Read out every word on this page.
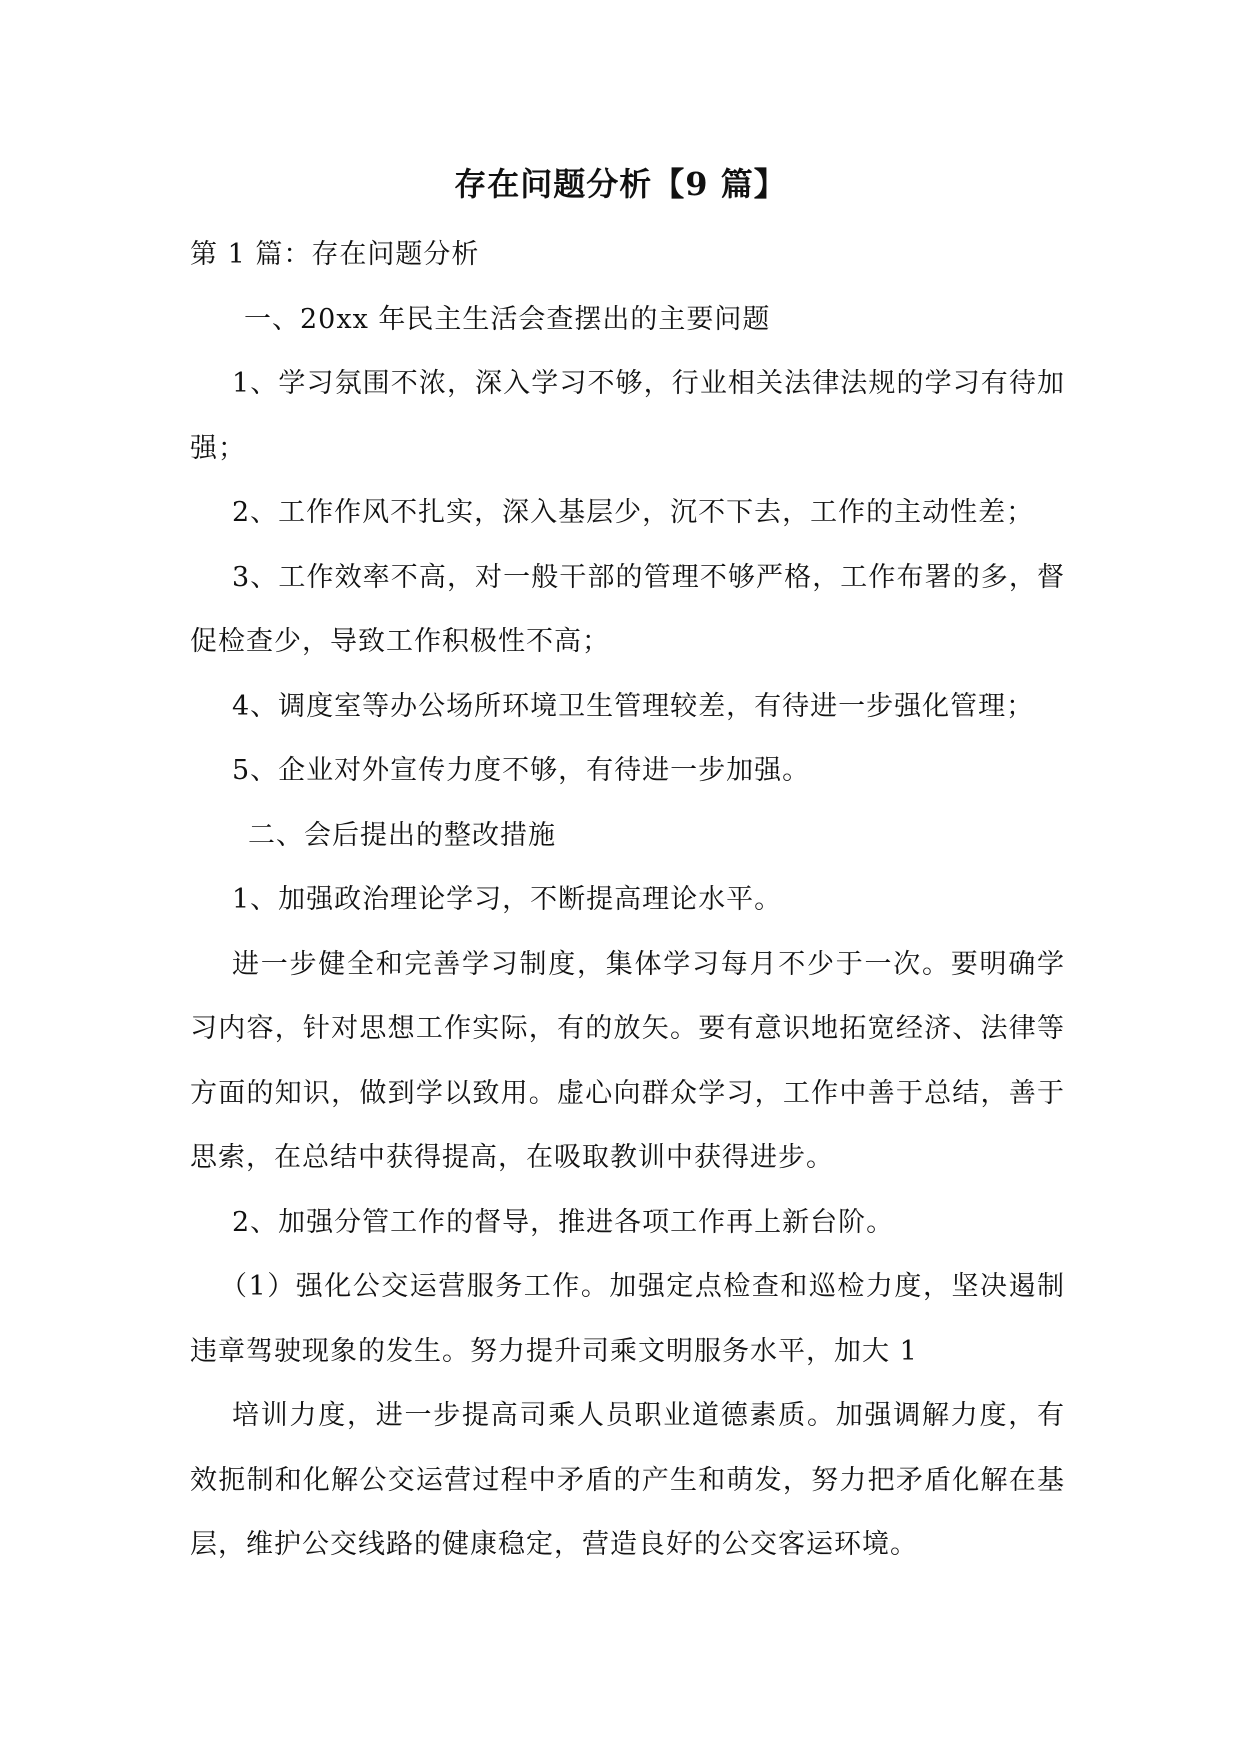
存在问题分析【9 篇】

第 1 篇：存在问题分析

一、20xx 年民主生活会查摆出的主要问题

1、学习氛围不浓，深入学习不够，行业相关法律法规的学习有待加强；

2、工作作风不扎实，深入基层少，沉不下去，工作的主动性差；

3、工作效率不高，对一般干部的管理不够严格，工作布署的多，督促检查少，导致工作积极性不高；

4、调度室等办公场所环境卫生管理较差，有待进一步强化管理；

5、企业对外宣传力度不够，有待进一步加强。

二、会后提出的整改措施

1、加强政治理论学习，不断提高理论水平。

进一步健全和完善学习制度，集体学习每月不少于一次。要明确学习内容，针对思想工作实际，有的放矢。要有意识地拓宽经济、法律等方面的知识，做到学以致用。虚心向群众学习，工作中善于总结，善于思索，在总结中获得提高，在吸取教训中获得进步。

2、加强分管工作的督导，推进各项工作再上新台阶。

（1）强化公交运营服务工作。加强定点检查和巡检力度，坚决遏制违章驾驶现象的发生。努力提升司乘文明服务水平，加大 1

培训力度，进一步提高司乘人员职业道德素质。加强调解力度，有效扼制和化解公交运营过程中矛盾的产生和萌发，努力把矛盾化解在基层，维护公交线路的健康稳定，营造良好的公交客运环境。
